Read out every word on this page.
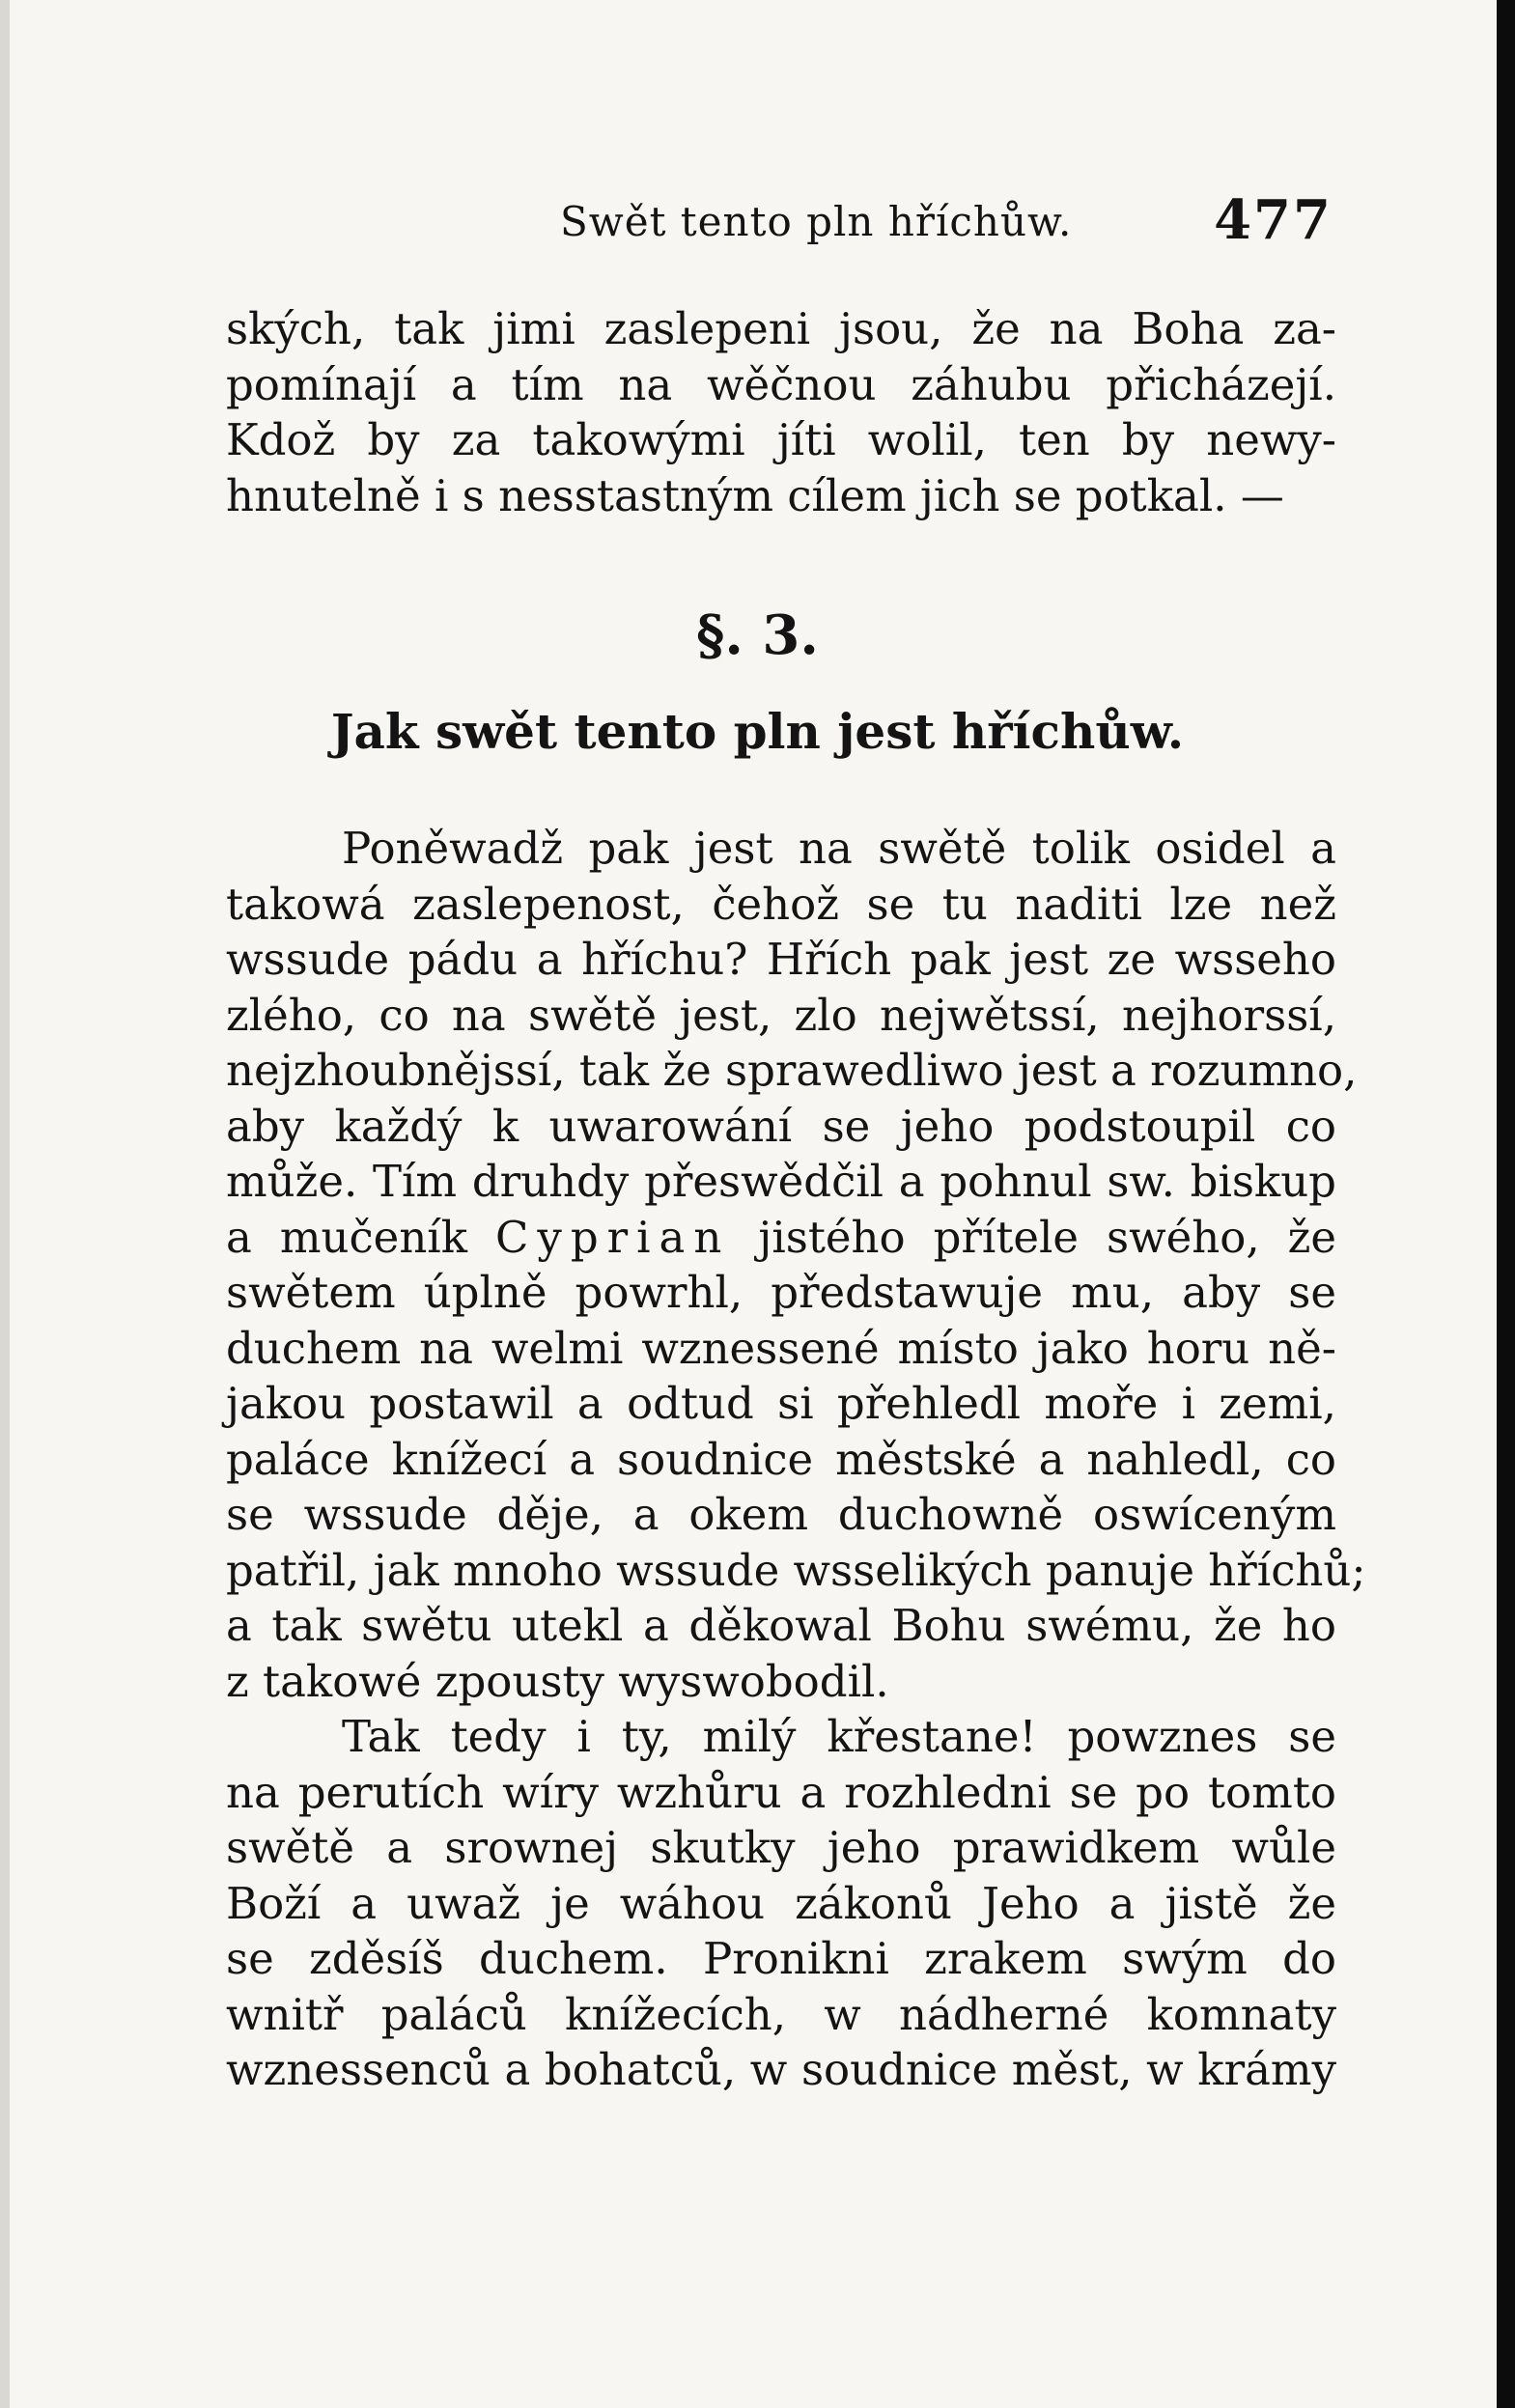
Swět tento pln hříchůw.	477
ských, tak jimi zaslepeni jsou, že na Boha za-
pomínají a tím na wěčnou záhubu přicházejí.
Kdož by za takowými jíti wolil, ten by newy-
hnutelně i s nesstastným cílem jich se potkal. —
§. 3.
Jak swět tento pln jest hříchůw.
Poněwadž pak jest na swětě tolik osidel a
takowá zaslepenost, čehož se tu naditi lze než
wssude pádu a hříchu? Hřích pak jest ze wsseho
zlého, co na swětě jest, zlo nejwětssí, nejhorssí,
nejzhoubnějssí, tak že sprawedliwo jest a rozumno,
aby každý k uwarowání se jeho podstoupil co
může. Tím druhdy přeswědčil a pohnul sw. biskup
a mučeník Cyprian jistého přítele swého, že
swětem úplně powrhl, předstawuje mu, aby se
duchem na welmi wznessené místo jako horu ně-
jakou postawil a odtud si přehledl moře i zemi,
paláce knížecí a soudnice městské a nahledl, co
se wssude děje, a okem duchowně oswíceným
patřil, jak mnoho wssude wsselikých panuje hříchů;
a tak swětu utekl a děkowal Bohu swému, že ho
z takowé zpousty wyswobodil.
Tak tedy i ty, milý křestane! powznes se
na perutích wíry wzhůru a rozhledni se po tomto
swětě a srownej skutky jeho prawidkem wůle
Boží a uwaž je wáhou zákonů Jeho a jistě že
se zděsíš duchem. Pronikni zrakem swým do
wnitř paláců knížecích, w nádherné komnaty
wznessenců a bohatců, w soudnice měst, w krámy
